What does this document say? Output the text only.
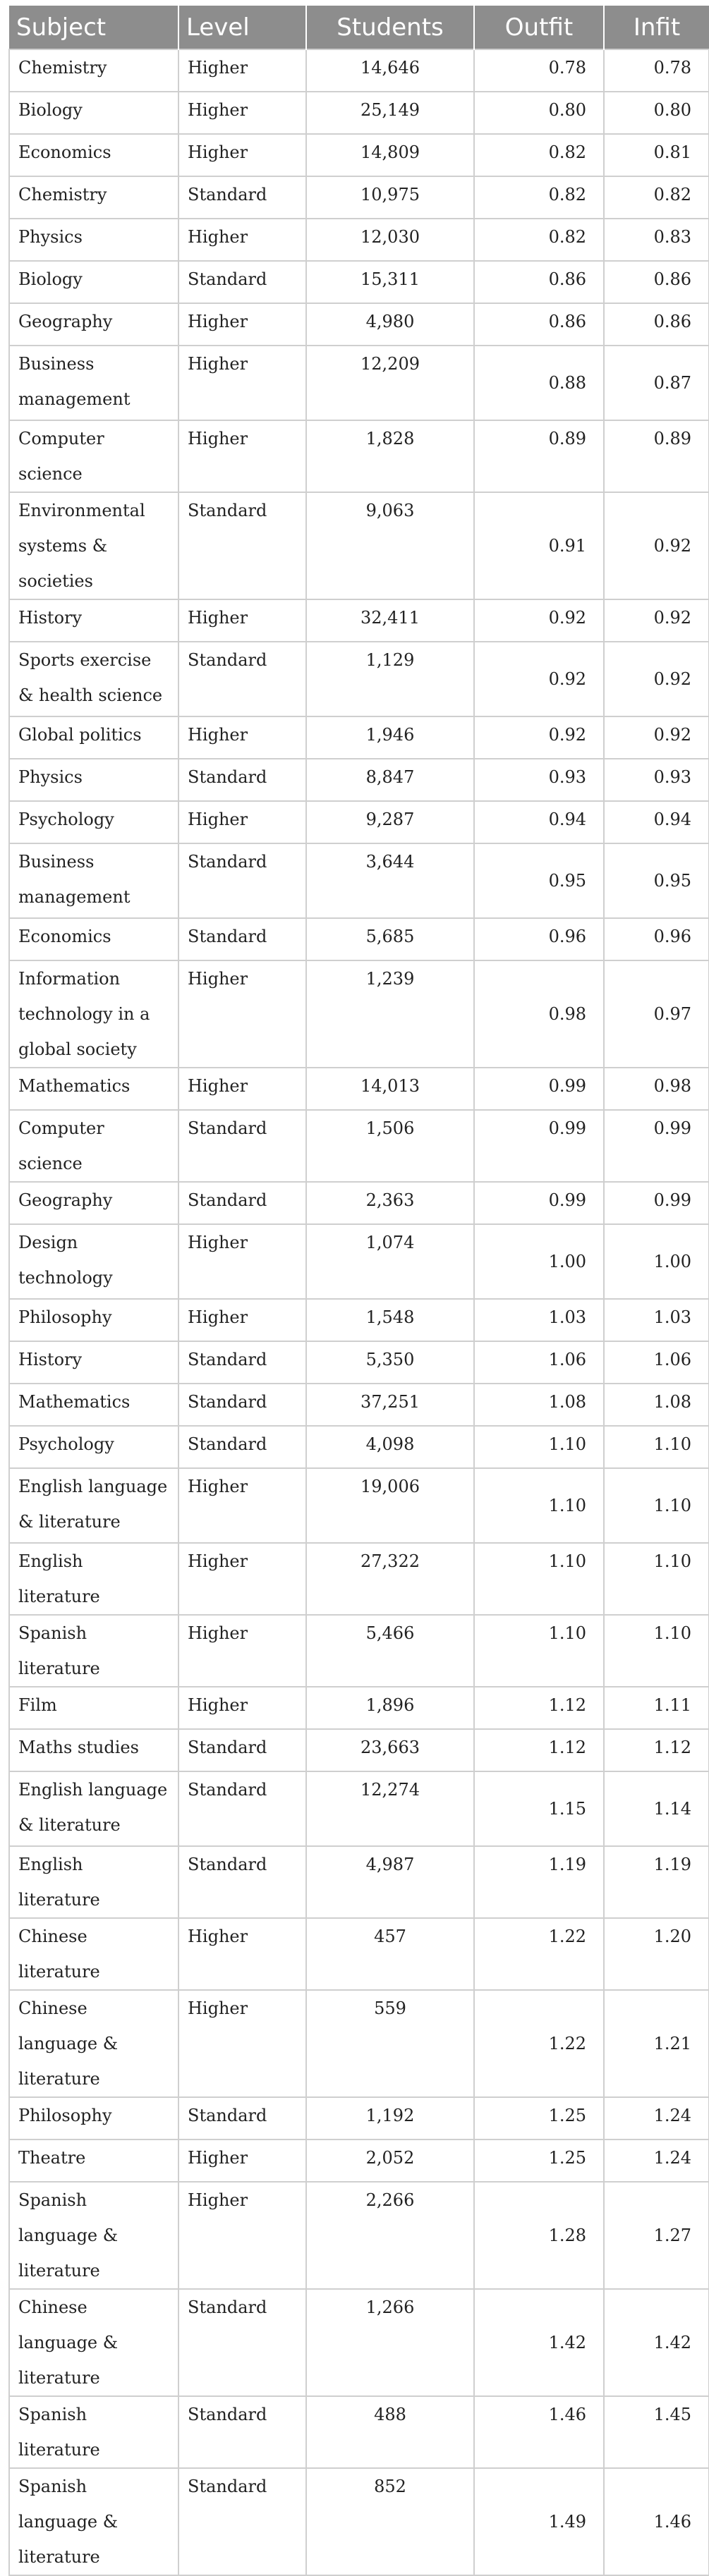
Subject	Level	Students	Outfit	Infit
Chemistry	Higher	14,646	0.78	0.78
Biology	Higher	25,149	0.80	0.80
Economics	Higher	14,809	0.82	0.81
Chemistry	Standard	10,975	0.82	0.82
Physics	Higher	12,030	0.82	0.83
Biology	Standard	15,311	0.86	0.86
Geography	Higher	4,980	0.86	0.86
Business management	Higher	12,209	0.88	0.87
Computer science	Higher	1,828	0.89	0.89
Environmental systems & societies	Standard	9,063	0.91	0.92
History	Higher	32,411	0.92	0.92
Sports exercise & health science	Standard	1,129	0.92	0.92
Global politics	Higher	1,946	0.92	0.92
Physics	Standard	8,847	0.93	0.93
Psychology	Higher	9,287	0.94	0.94
Business management	Standard	3,644	0.95	0.95
Economics	Standard	5,685	0.96	0.96
Information technology in a global society	Higher	1,239	0.98	0.97
Mathematics	Higher	14,013	0.99	0.98
Computer science	Standard	1,506	0.99	0.99
Geography	Standard	2,363	0.99	0.99
Design technology	Higher	1,074	1.00	1.00
Philosophy	Higher	1,548	1.03	1.03
History	Standard	5,350	1.06	1.06
Mathematics	Standard	37,251	1.08	1.08
Psychology	Standard	4,098	1.10	1.10
English language & literature	Higher	19,006	1.10	1.10
English literature	Higher	27,322	1.10	1.10
Spanish literature	Higher	5,466	1.10	1.10
Film	Higher	1,896	1.12	1.11
Maths studies	Standard	23,663	1.12	1.12
English language & literature	Standard	12,274	1.15	1.14
English literature	Standard	4,987	1.19	1.19
Chinese literature	Higher	457	1.22	1.20
Chinese language & literature	Higher	559	1.22	1.21
Philosophy	Standard	1,192	1.25	1.24
Theatre	Higher	2,052	1.25	1.24
Spanish language & literature	Higher	2,266	1.28	1.27
Chinese language & literature	Standard	1,266	1.42	1.42
Spanish literature	Standard	488	1.46	1.45
Spanish language & literature	Standard	852	1.49	1.46
